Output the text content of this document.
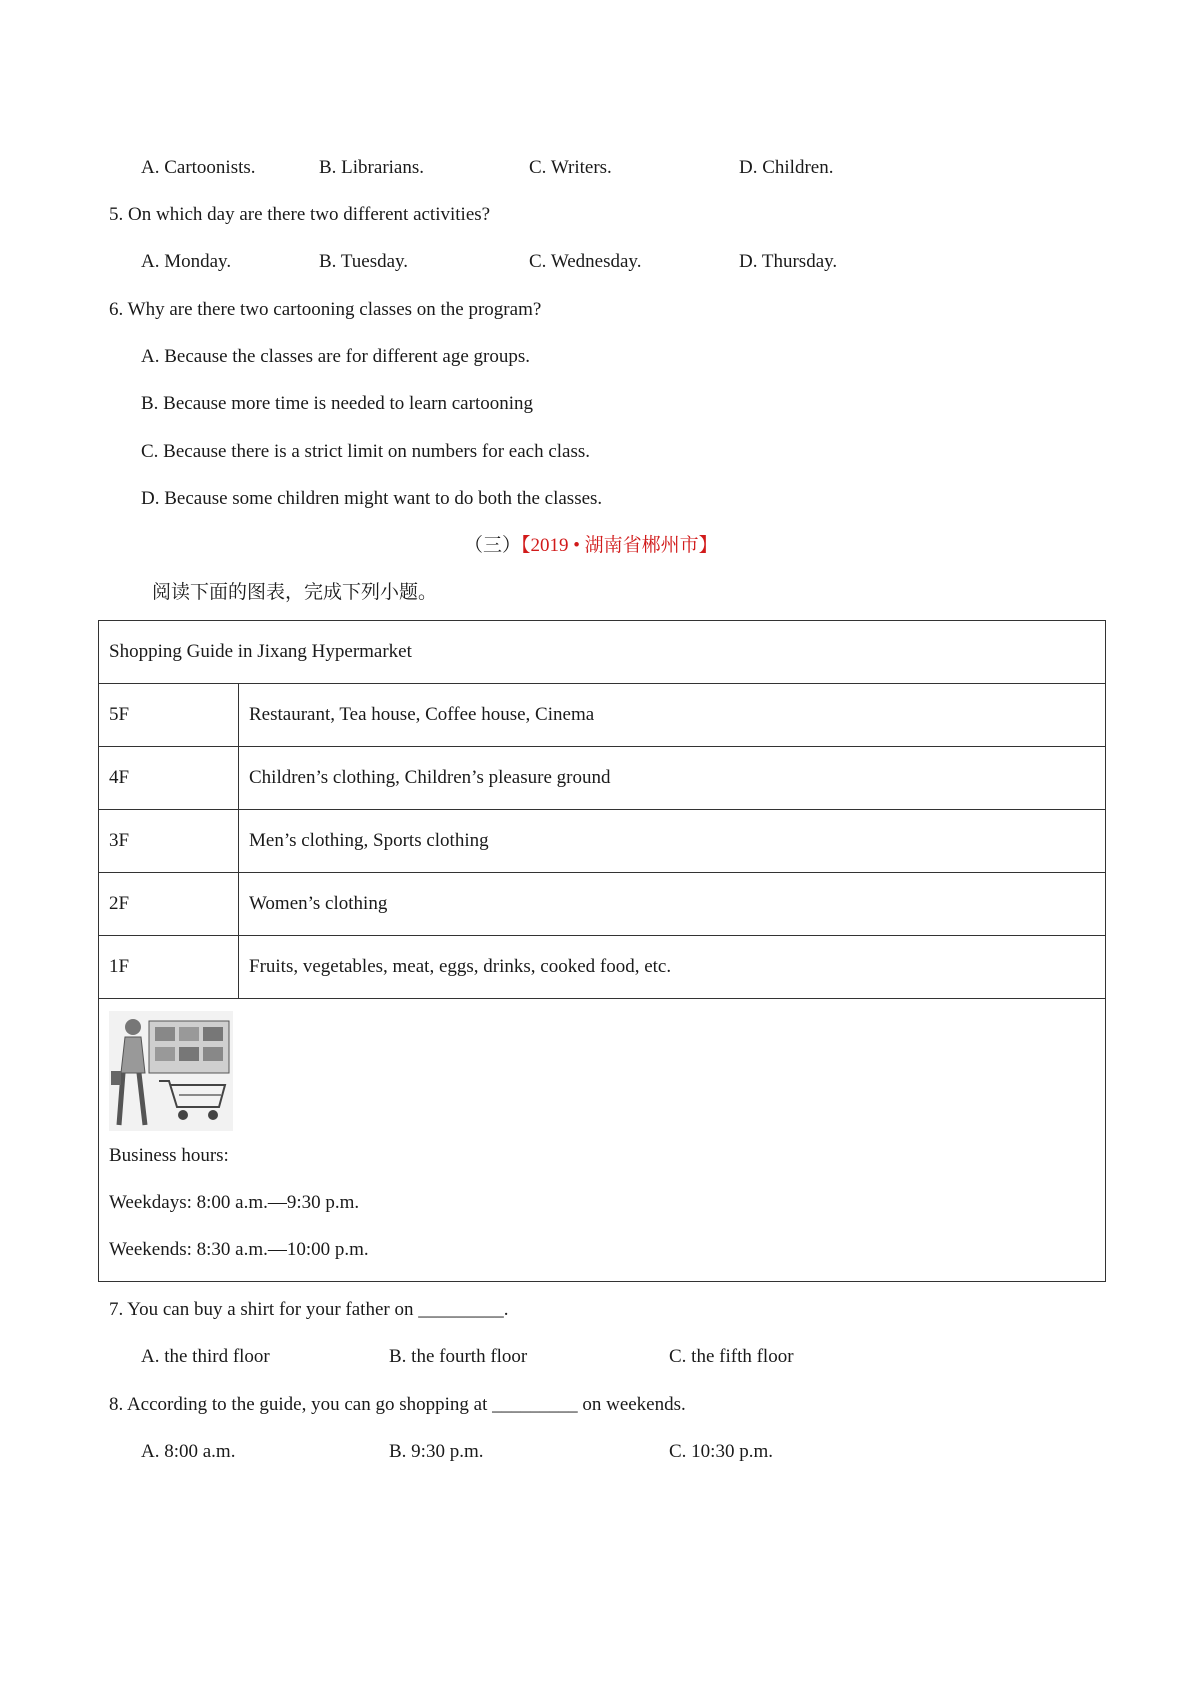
A. Cartoonists.	B. Librarians.	C. Writers.	D. Children.
5. On which day are there two different activities?
A. Monday.	B. Tuesday.	C. Wednesday.	D. Thursday.
6. Why are there two cartooning classes on the program?
A. Because the classes are for different age groups.
B. Because more time is needed to learn cartooning
C. Because there is a strict limit on numbers for each class.
D. Because some children might want to do both the classes.
（三）【2019 • 湖南省郴州市】
阅读下面的图表，完成下列小题。
Shopping Guide in Jixang Hypermarket	
5F	Restaurant, Tea house, Coffee house, Cinema
4F	Children’s clothing, Children’s pleasure ground
3F	Men’s clothing, Sports clothing
2F	Women’s clothing
1F	Fruits, vegetables, meat, eggs, drinks, cooked food, etc.

Business hours:
Weekdays: 8:00 a.m.—9:30 p.m.
Weekends: 8:30 a.m.—10:00 p.m.	
7. You can buy a shirt for your father on _________.
A. the third floor	B. the fourth floor	C. the fifth floor
8. According to the guide, you can go shopping at _________ on weekends.
A. 8:00 a.m.	B. 9:30 p.m.	C. 10:30 p.m.
